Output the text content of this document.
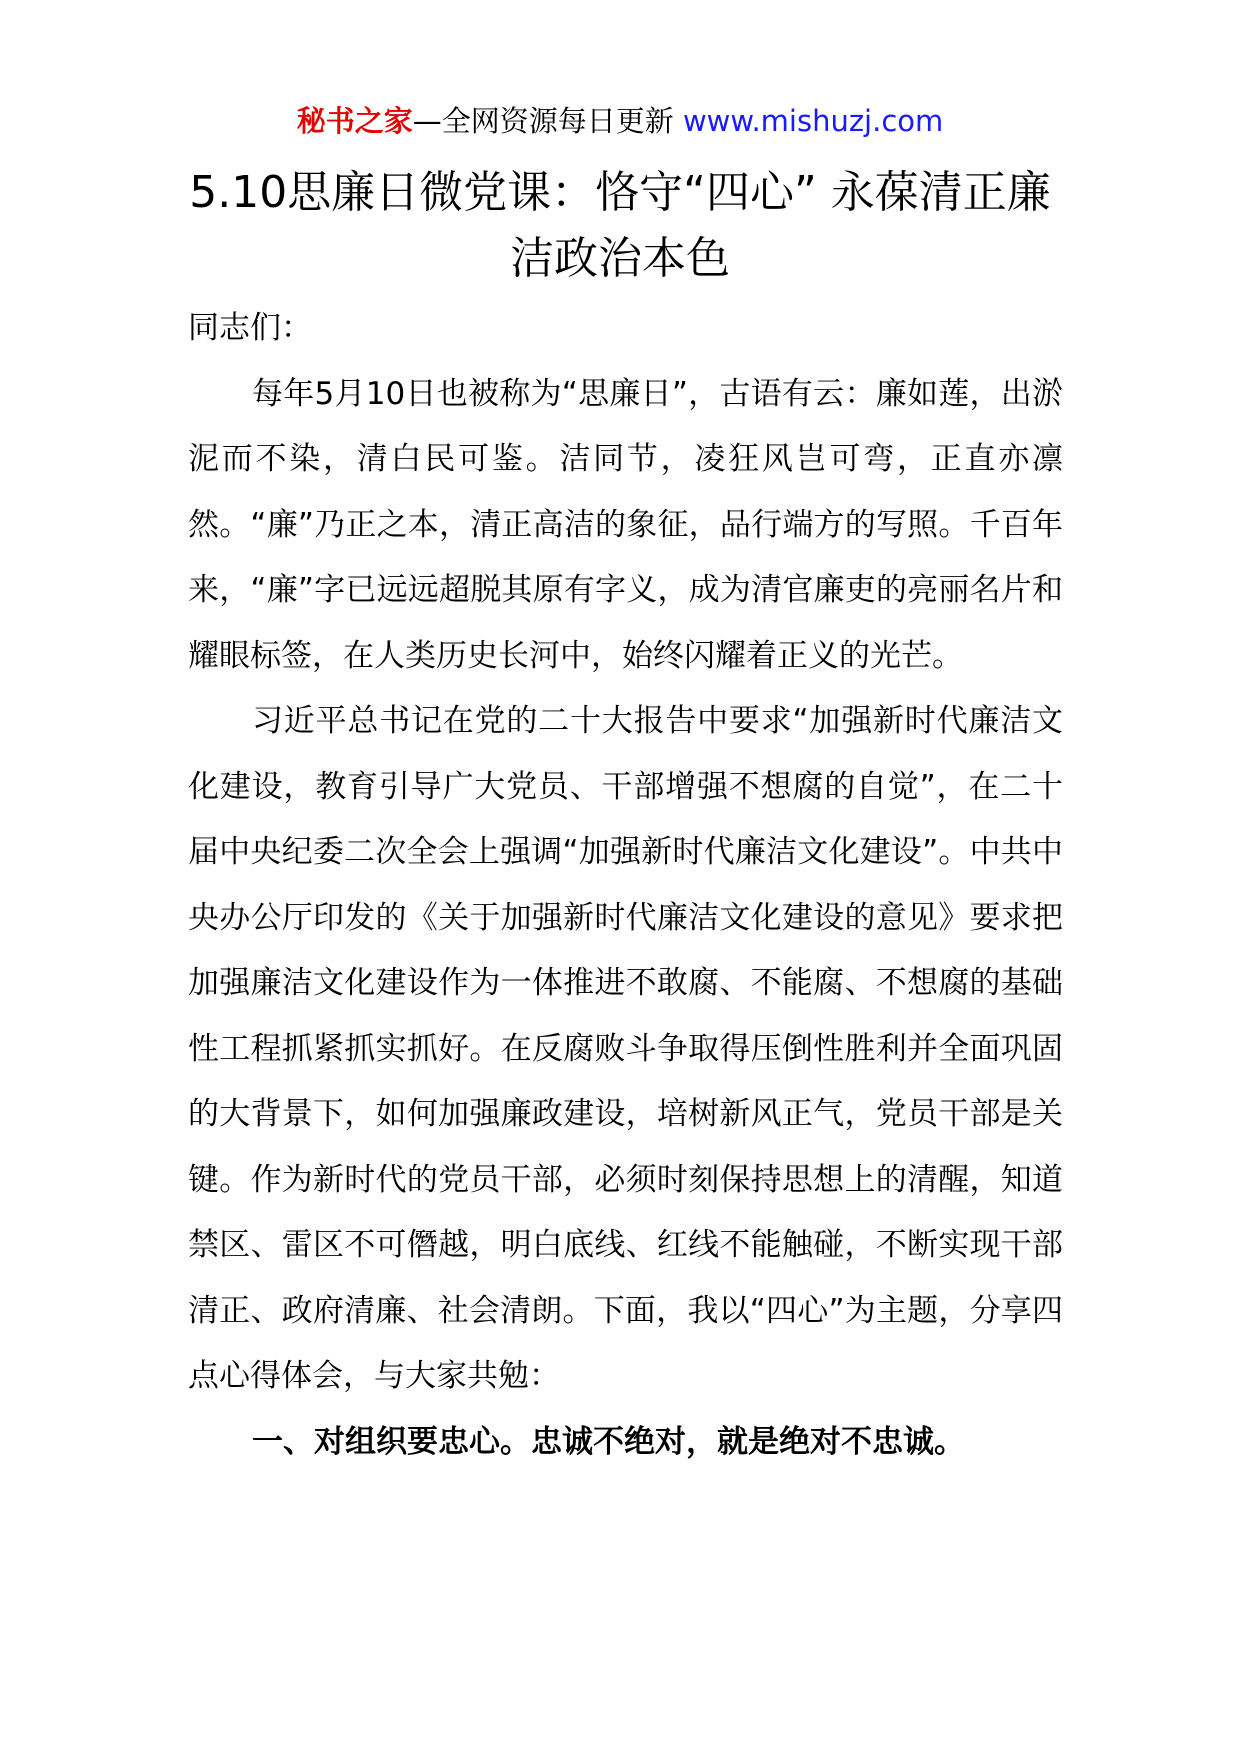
秘书之家—全网资源每日更新 www.mishuzj.com
5.10思廉日微党课：恪守“四心” 永葆清正廉洁政治本色

同志们：

每年5月10日也被称为“思廉日”，古语有云：廉如莲，出淤泥而不染，清白民可鉴。洁同节，凌狂风岂可弯，正直亦凛然。“廉”乃正之本，清正高洁的象征，品行端方的写照。千百年来，“廉”字已远远超脱其原有字义，成为清官廉吏的亮丽名片和耀眼标签，在人类历史长河中，始终闪耀着正义的光芒。

习近平总书记在党的二十大报告中要求“加强新时代廉洁文化建设，教育引导广大党员、干部增强不想腐的自觉”，在二十届中央纪委二次全会上强调“加强新时代廉洁文化建设”。中共中央办公厅印发的《关于加强新时代廉洁文化建设的意见》要求把加强廉洁文化建设作为一体推进不敢腐、不能腐、不想腐的基础性工程抓紧抓实抓好。在反腐败斗争取得压倒性胜利并全面巩固的大背景下，如何加强廉政建设，培树新风正气，党员干部是关键。作为新时代的党员干部，必须时刻保持思想上的清醒，知道禁区、雷区不可僭越，明白底线、红线不能触碰，不断实现干部清正、政府清廉、社会清朗。下面，我以“四心”为主题，分享四点心得体会，与大家共勉：

一、对组织要忠心。忠诚不绝对，就是绝对不忠诚。
